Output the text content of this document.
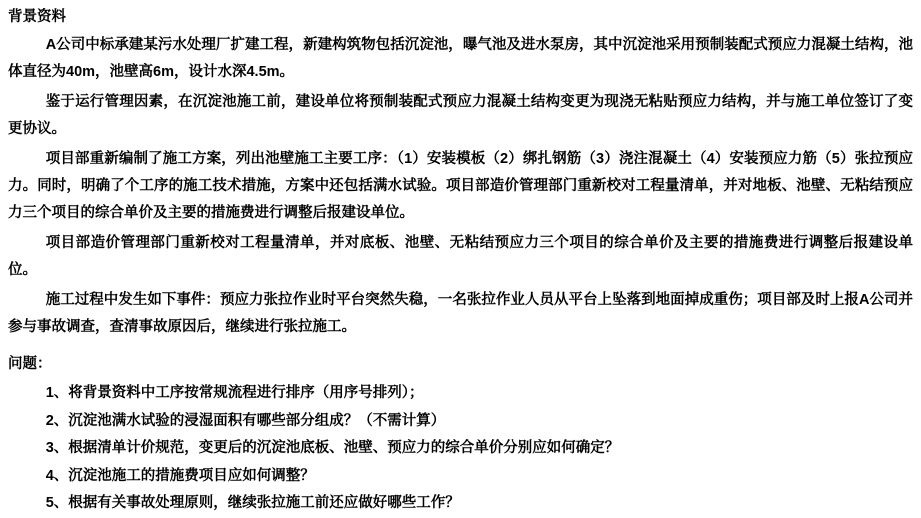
背景资料

A公司中标承建某污水处理厂扩建工程，新建构筑物包括沉淀池，曝气池及进水泵房，其中沉淀池采用预制装配式预应力混凝土结构，池体直径为40m，池壁高6m，设计水深4.5m。

鉴于运行管理因素，在沉淀池施工前，建设单位将预制装配式预应力混凝土结构变更为现浇无粘贴预应力结构，并与施工单位签订了变更协议。

项目部重新编制了施工方案，列出池壁施工主要工序：（1）安装模板（2）绑扎钢筋（3）浇注混凝土（4）安装预应力筋（5）张拉预应力。同时，明确了个工序的施工技术措施，方案中还包括满水试验。项目部造价管理部门重新校对工程量清单，并对地板、池壁、无粘结预应力三个项目的综合单价及主要的措施费进行调整后报建设单位。

项目部造价管理部门重新校对工程量清单，并对底板、池壁、无粘结预应力三个项目的综合单价及主要的措施费进行调整后报建设单位。

施工过程中发生如下事件：预应力张拉作业时平台突然失稳，一名张拉作业人员从平台上坠落到地面掉成重伤；项目部及时上报A公司并参与事故调查，查清事故原因后，继续进行张拉施工。

问题：

1、将背景资料中工序按常规流程进行排序（用序号排列）；

2、沉淀池满水试验的浸湿面积有哪些部分组成？（不需计算）

3、根据清单计价规范，变更后的沉淀池底板、池壁、预应力的综合单价分别应如何确定？

4、沉淀池施工的措施费项目应如何调整？

5、根据有关事故处理原则，继续张拉施工前还应做好哪些工作？
